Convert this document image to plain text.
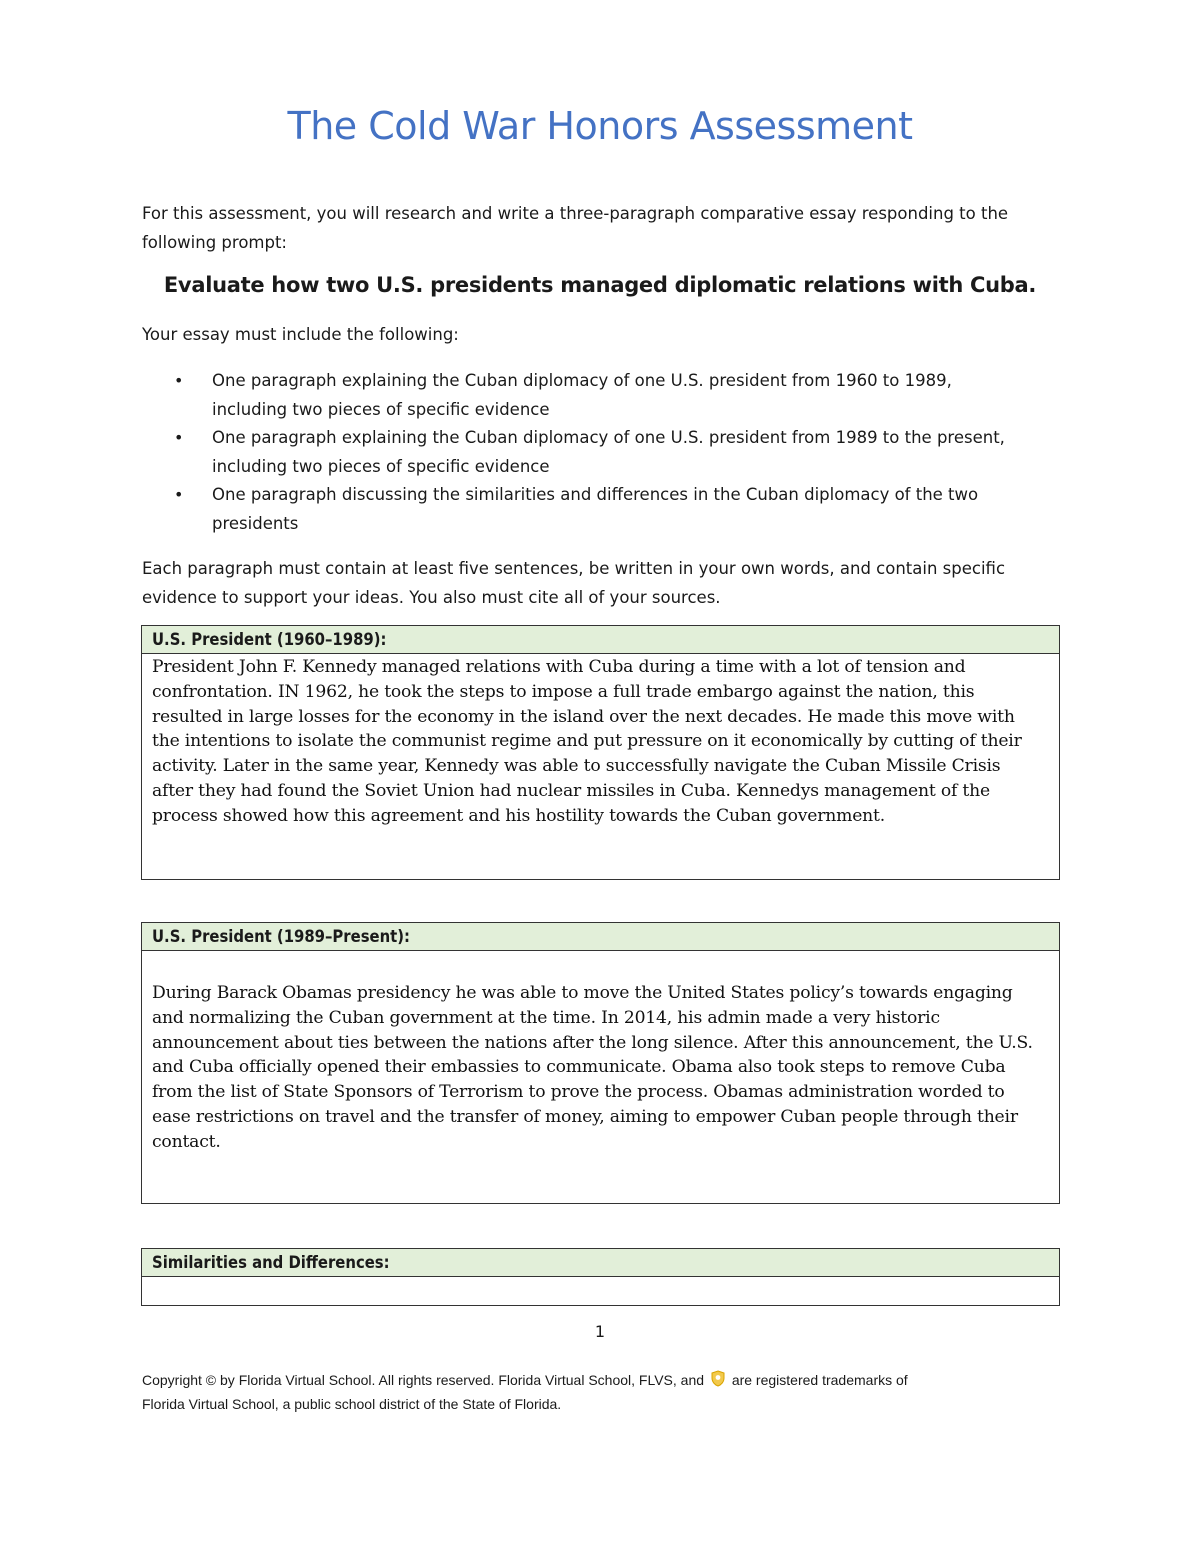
The Cold War Honors Assessment

For this assessment, you will research and write a three-paragraph comparative essay responding to the following prompt:

Evaluate how two U.S. presidents managed diplomatic relations with Cuba.

Your essay must include the following:

• One paragraph explaining the Cuban diplomacy of one U.S. president from 1960 to 1989,
including two pieces of specific evidence
• One paragraph explaining the Cuban diplomacy of one U.S. president from 1989 to the present,
including two pieces of specific evidence
• One paragraph discussing the similarities and differences in the Cuban diplomacy of the two
presidents

Each paragraph must contain at least five sentences, be written in your own words, and contain specific
evidence to support your ideas. You also must cite all of your sources.

U.S. President (1960–1989):
President John F. Kennedy managed relations with Cuba during a time with a lot of tension and
confrontation. IN 1962, he took the steps to impose a full trade embargo against the nation, this
resulted in large losses for the economy in the island over the next decades. He made this move with
the intentions to isolate the communist regime and put pressure on it economically by cutting of their
activity. Later in the same year, Kennedy was able to successfully navigate the Cuban Missile Crisis
after they had found the Soviet Union had nuclear missiles in Cuba. Kennedys management of the
process showed how this agreement and his hostility towards the Cuban government.
U.S. President (1989–Present):
During Barack Obamas presidency he was able to move the United States policy’s towards engaging
and normalizing the Cuban government at the time. In 2014, his admin made a very historic
announcement about ties between the nations after the long silence. After this announcement, the U.S.
and Cuba officially opened their embassies to communicate. Obama also took steps to remove Cuba
from the list of State Sponsors of Terrorism to prove the process. Obamas administration worded to
ease restrictions on travel and the transfer of money, aiming to empower Cuban people through their
contact.
Similarities and Differences:

1

Copyright © by Florida Virtual School. All rights reserved. Florida Virtual School, FLVS, and are registered trademarks of
Florida Virtual School, a public school district of the State of Florida.
